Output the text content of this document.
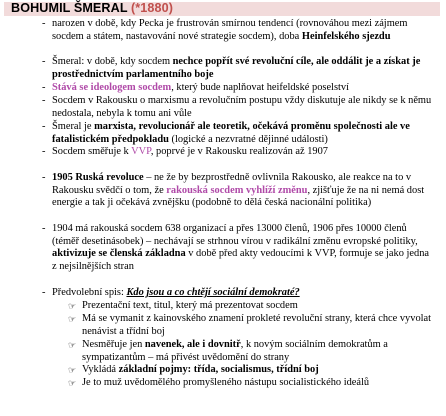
BOHUMIL ŠMERAL (*1880)
- narozen v době, kdy Pecka je frustrován smírnou tendencí (rovnováhou mezi zájmem socdem a státem, nastavování nové strategie socdem), doba Heinfelského sjezdu
- Šmeral: v době, kdy socdem nechce popřít své revoluční cíle, ale oddálit je a získat je prostřednictvím parlamentního boje
- Stává se ideologem socdem, který bude naplňovat heifeldské poselství
- Socdem v Rakousku o marxismu a revolučním postupu vždy diskutuje ale nikdy se k němu nedostala, nebyla k tomu ani vůle
- Šmeral je marxista, revolucionář ale teoretik, očekává proměnu společnosti ale ve fatalistickém předpokladu (logické a nezvratné dějinné události)
- Socdem směřuje k VVP, poprvé je v Rakousku realizován až 1907
- 1905 Ruská revoluce – ne že by bezprostředně ovlivnila Rakousko, ale reakce na to v Rakousku svědčí o tom, že rakouská socdem vyhlíží změnu, zjišťuje že na ni nemá dost energie a tak ji očekává zvnějšku (podobně to dělá česká nacionální politika)
- 1904 má rakouská socdem 638 organizací a přes 13000 členů, 1906 přes 10000 členů (téměř desetinásobek) – nechávají se strhnou vírou v radikální změnu evropské politiky, aktivizuje se členská základna v době před akty vedoucími k VVP, formuje se jako jedna z nejsilnějších stran
- Předvolební spis: Kdo jsou a co chtějí sociální demokraté?
☞ Prezentační text, titul, který má prezentovat socdem
☞ Má se vymanit z kainovského znamení prokleté revoluční strany, která chce vyvolat nenávist a třídní boj
☞ Nesměřuje jen navenek, ale i dovnitř, k novým sociálním demokratům a sympatizantům – má přivést uvědomění do strany
☞ Vykládá základní pojmy: třída, socialismus, třídní boj
☞ Je to muž uvědomělého promyšleného nástupu socialistického ideálů
